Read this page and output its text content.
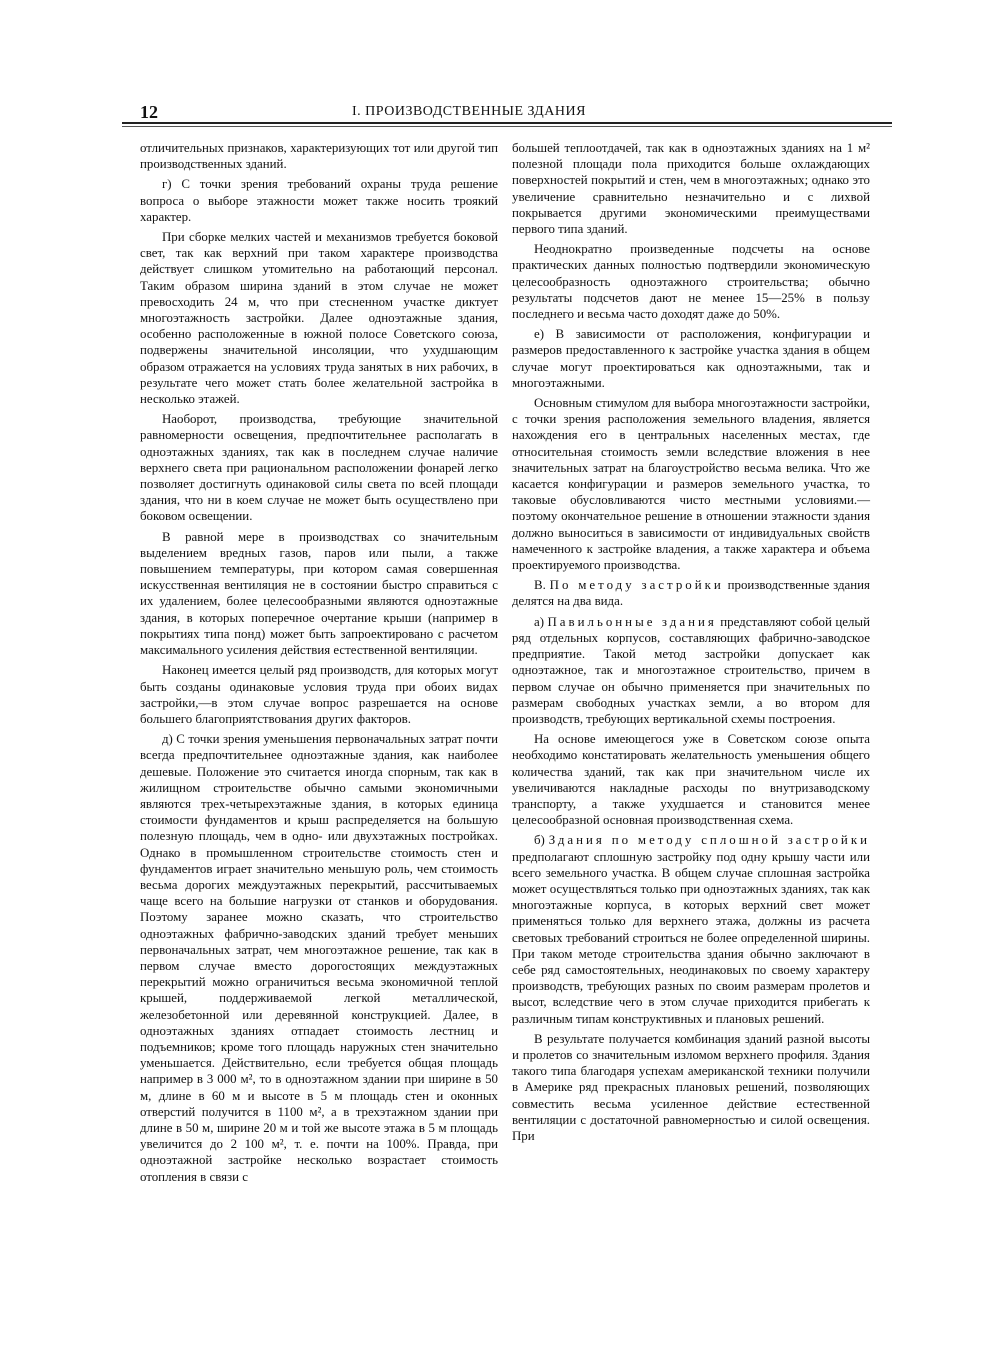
12	I. ПРОИЗВОДСТВЕННЫЕ ЗДАНИЯ

отличительных признаков, характеризующих тот или другой тип производственных зданий.

г) С точки зрения требований охраны труда решение вопроса о выборе этажности может также носить троякий характер.

При сборке мелких частей и механизмов требуется боковой свет, так как верхний при таком характере производства действует слишком утомительно на работающий персонал. Таким образом ширина зданий в этом случае не может превосходить 24 м, что при стесненном участке диктует многоэтажность застройки. Далее одноэтажные здания, особенно расположенные в южной полосе Советского союза, подвержены значительной инсоляции, что ухудшающим образом отражается на условиях труда занятых в них рабочих, в результате чего может стать более желательной застройка в несколько этажей.

Наоборот, производства, требующие значительной равномерности освещения, предпочтительнее располагать в одноэтажных зданиях, так как в последнем случае наличие верхнего света при рациональном расположении фонарей легко позволяет достигнуть одинаковой силы света по всей площади здания, что ни в коем случае не может быть осуществлено при боковом освещении.

В равной мере в производствах со значительным выделением вредных газов, паров или пыли, а также повышением температуры, при котором самая совершенная искусственная вентиляция не в состоянии быстро справиться с их удалением, более целесообразными являются одноэтажные здания, в которых поперечное очертание крыши (например в покрытиях типа понд) может быть запроектировано с расчетом максимального усиления действия естественной вентиляции.

Наконец имеется целый ряд производств, для которых могут быть созданы одинаковые условия труда при обоих видах застройки,—в этом случае вопрос разрешается на основе большего благоприятствования других факторов.

д) С точки зрения уменьшения первоначальных затрат почти всегда предпочтительнее одноэтажные здания, как наиболее дешевые. Положение это считается иногда спорным, так как в жилищном строительстве обычно самыми экономичными являются трех-четырехэтажные здания, в которых единица стоимости фундаментов и крыш распределяется на большую полезную площадь, чем в одно- или двухэтажных постройках. Однако в промышленном строительстве стоимость стен и фундаментов играет значительно меньшую роль, чем стоимость весьма дорогих междуэтажных перекрытий, рассчитываемых чаще всего на большие нагрузки от станков и оборудования. Поэтому заранее можно сказать, что строительство одноэтажных фабрично-заводских зданий требует меньших первоначальных затрат, чем многоэтажное решение, так как в первом случае вместо дорогостоящих междуэтажных перекрытий можно ограничиться весьма экономичной теплой крышей, поддерживаемой легкой металлической, железобетонной или деревянной конструкцией. Далее, в одноэтажных зданиях отпадает стоимость лестниц и подъемников; кроме того площадь наружных стен значительно уменьшается. Действительно, если требуется общая площадь например в 3 000 м², то в одноэтажном здании при ширине в 50 м, длине в 60 м и высоте в 5 м площадь стен и оконных отверстий получится в 1100 м², а в трехэтажном здании при длине в 50 м, ширине 20 м и той же высоте этажа в 5 м площадь увеличится до 2 100 м², т. е. почти на 100%. Правда, при одноэтажной застройке несколько возрастает стоимость отопления в связи с

большей теплоотдачей, так как в одноэтажных зданиях на 1 м² полезной площади пола приходится больше охлаждающих поверхностей покрытий и стен, чем в многоэтажных; однако это увеличение сравнительно незначительно и с лихвой покрывается другими экономическими преимуществами первого типа зданий.

Неоднократно произведенные подсчеты на основе практических данных полностью подтвердили экономическую целесообразность одноэтажного строительства; обычно результаты подсчетов дают не менее 15—25% в пользу последнего и весьма часто доходят даже до 50%.

е) В зависимости от расположения, конфигурации и размеров предоставленного к застройке участка здания в общем случае могут проектироваться как одноэтажными, так и многоэтажными.

Основным стимулом для выбора многоэтажности застройки, с точки зрения расположения земельного владения, является нахождения его в центральных населенных местах, где относительная стоимость земли вследствие вложения в нее значительных затрат на благоустройство весьма велика. Что же касается конфигурации и размеров земельного участка, то таковые обусловливаются чисто местными условиями.—поэтому окончательное решение в отношении этажности здания должно выноситься в зависимости от индивидуальных свойств намеченного к застройке владения, а также характера и объема проектируемого производства.

В. По методу застройки производственные здания делятся на два вида.

а) Павильонные здания представляют собой целый ряд отдельных корпусов, составляющих фабрично-заводское предприятие. Такой метод застройки допускает как одноэтажное, так и многоэтажное строительство, причем в первом случае он обычно применяется при значительных по размерам свободных участках земли, а во втором для производств, требующих вертикальной схемы построения.

На основе имеющегося уже в Советском союзе опыта необходимо констатировать желательность уменьшения общего количества зданий, так как при значительном числе их увеличиваются накладные расходы по внутризаводскому транспорту, а также ухудшается и становится менее целесообразной основная производственная схема.

б) Здания по методу сплошной застройки предполагают сплошную застройку под одну крышу части или всего земельного участка. В общем случае сплошная застройка может осуществляться только при одноэтажных зданиях, так как многоэтажные корпуса, в которых верхний свет может применяться только для верхнего этажа, должны из расчета световых требований строиться не более определенной ширины. При таком методе строительства здания обычно заключают в себе ряд самостоятельных, неодинаковых по своему характеру производств, требующих разных по своим размерам пролетов и высот, вследствие чего в этом случае приходится прибегать к различным типам конструктивных и плановых решений.

В результате получается комбинация зданий разной высоты и пролетов со значительным изломом верхнего профиля. Здания такого типа благодаря успехам американской техники получили в Америке ряд прекрасных плановых решений, позволяющих совместить весьма усиленное действие естественной вентиляции с достаточной равномерностью и силой освещения. При
